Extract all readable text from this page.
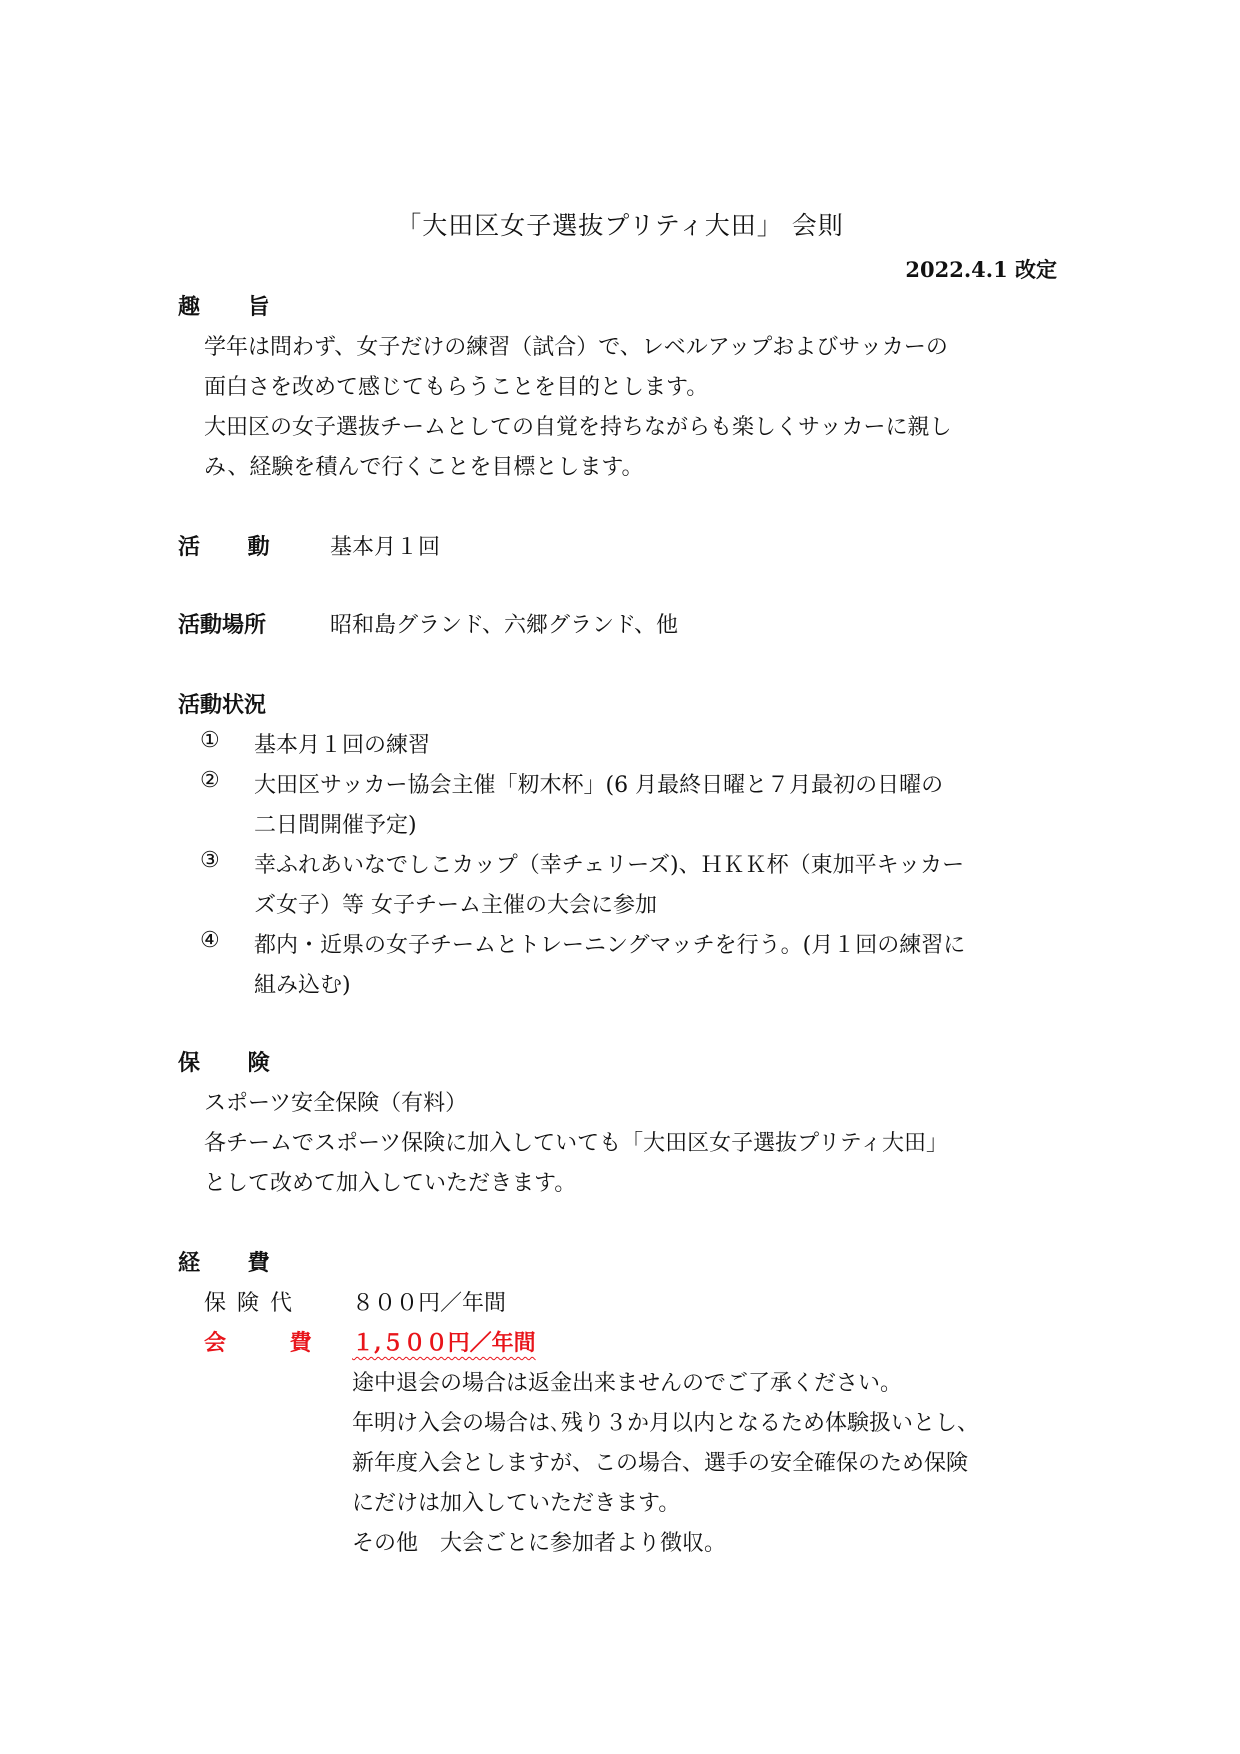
「大田区女子選抜プリティ大田」 会則
2022.4.1 改定
趣 旨
学年は問わず、女子だけの練習（試合）で、レベルアップおよびサッカーの
面白さを改めて感じてもらうことを目的とします。
大田区の女子選抜チームとしての自覚を持ちながらも楽しくサッカーに親し
み、経験を積んで行くことを目標とします。
活 動 基本月１回
活動場所	昭和島グランド、六郷グランド、他
活動状況
① 基本月１回の練習
② 大田区サッカー協会主催「籾木杯」(6 月最終日曜と７月最初の日曜の
二日間開催予定)
③ 幸ふれあいなでしこカップ（幸チェリーズ)、ＨＫＫ杯（東加平キッカー
ズ女子）等 女子チーム主催の大会に参加
④ 都内・近県の女子チームとトレーニングマッチを行う。(月１回の練習に
組み込む)
保 険
スポーツ安全保険（有料）
各チームでスポーツ保険に加入していても「大田区女子選抜プリティ大田」
として改めて加入していただきます。
経 費
保 険 代	８００円／年間
会 費 １,５００円／年間
途中退会の場合は返金出来ませんのでご了承ください。
年明け入会の場合は､残り３か月以内となるため体験扱いとし、
新年度入会としますが、この場合、選手の安全確保のため保険
にだけは加入していただきます。
その他　大会ごとに参加者より徴収。
